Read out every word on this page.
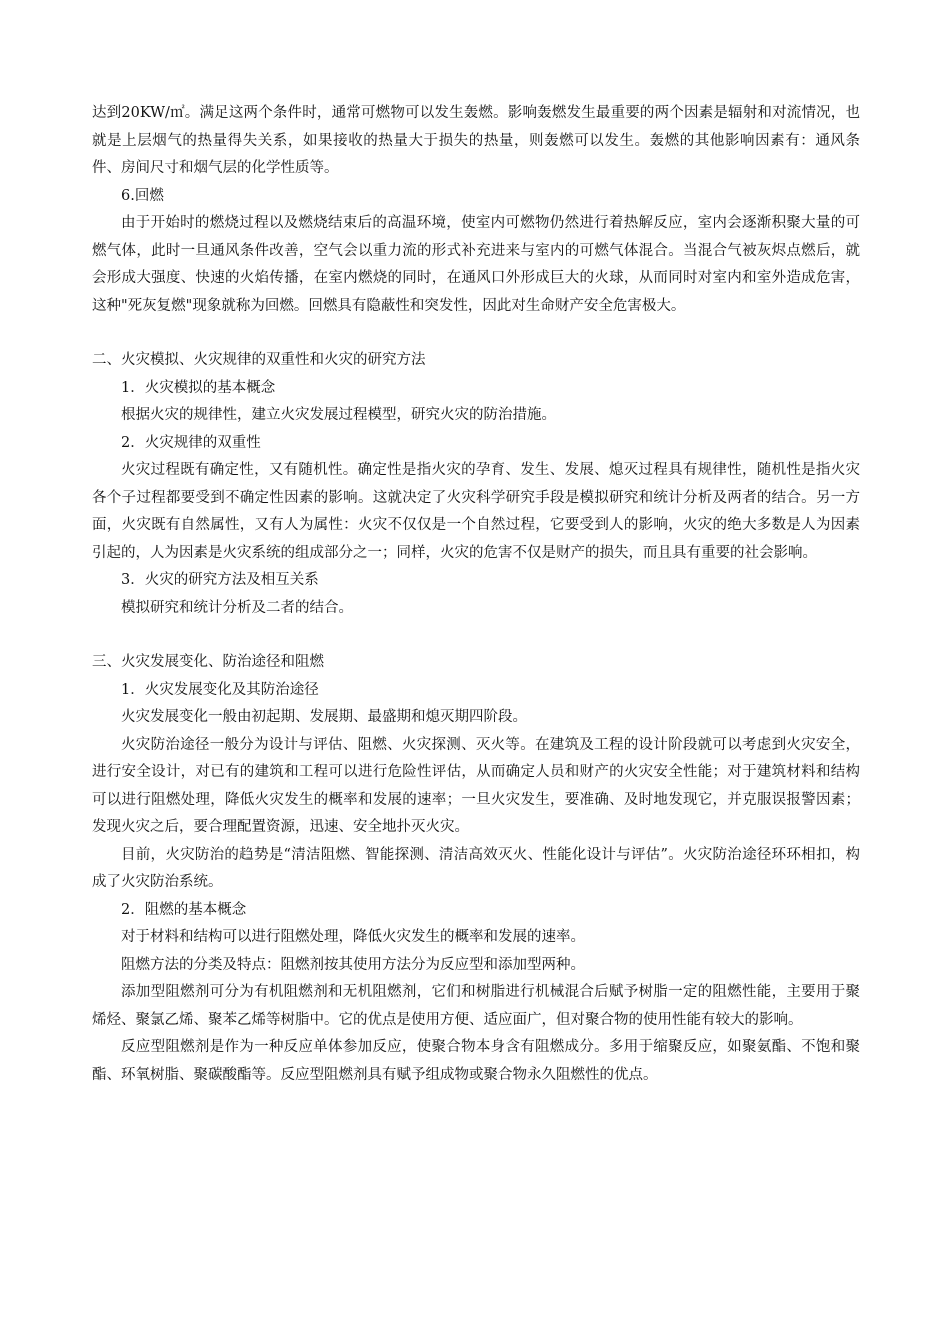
达到20KW/㎡。满足这两个条件时，通常可燃物可以发生轰燃。影响轰燃发生最重要的两个因素是辐射和对流情况，也就是上层烟气的热量得失关系，如果接收的热量大于损失的热量，则轰燃可以发生。轰燃的其他影响因素有：通风条件、房间尺寸和烟气层的化学性质等。

6.回燃

由于开始时的燃烧过程以及燃烧结束后的高温环境，使室内可燃物仍然进行着热解反应，室内会逐渐积聚大量的可燃气体，此时一旦通风条件改善，空气会以重力流的形式补充进来与室内的可燃气体混合。当混合气被灰烬点燃后，就会形成大强度、快速的火焰传播，在室内燃烧的同时，在通风口外形成巨大的火球，从而同时对室内和室外造成危害，这种"死灰复燃"现象就称为回燃。回燃具有隐蔽性和突发性，因此对生命财产安全危害极大。

二、火灾模拟、火灾规律的双重性和火灾的研究方法

1．火灾模拟的基本概念

根据火灾的规律性，建立火灾发展过程模型，研究火灾的防治措施。

2．火灾规律的双重性

火灾过程既有确定性，又有随机性。确定性是指火灾的孕育、发生、发展、熄灭过程具有规律性，随机性是指火灾各个子过程都要受到不确定性因素的影响。这就决定了火灾科学研究手段是模拟研究和统计分析及两者的结合。另一方面，火灾既有自然属性，又有人为属性：火灾不仅仅是一个自然过程，它要受到人的影响，火灾的绝大多数是人为因素引起的，人为因素是火灾系统的组成部分之一；同样，火灾的危害不仅是财产的损失，而且具有重要的社会影响。

3．火灾的研究方法及相互关系

模拟研究和统计分析及二者的结合。

三、火灾发展变化、防治途径和阻燃

1．火灾发展变化及其防治途径

火灾发展变化一般由初起期、发展期、最盛期和熄灭期四阶段。

火灾防治途径一般分为设计与评估、阻燃、火灾探测、灭火等。在建筑及工程的设计阶段就可以考虑到火灾安全，进行安全设计，对已有的建筑和工程可以进行危险性评估，从而确定人员和财产的火灾安全性能；对于建筑材料和结构可以进行阻燃处理，降低火灾发生的概率和发展的速率；一旦火灾发生，要准确、及时地发现它，并克服误报警因素；发现火灾之后，要合理配置资源，迅速、安全地扑灭火灾。

目前，火灾防治的趋势是“清洁阻燃、智能探测、清洁高效灭火、性能化设计与评估”。火灾防治途径环环相扣，构成了火灾防治系统。

2．阻燃的基本概念

对于材料和结构可以进行阻燃处理，降低火灾发生的概率和发展的速率。

阻燃方法的分类及特点：阻燃剂按其使用方法分为反应型和添加型两种。

添加型阻燃剂可分为有机阻燃剂和无机阻燃剂，它们和树脂进行机械混合后赋予树脂一定的阻燃性能，主要用于聚烯烃、聚氯乙烯、聚苯乙烯等树脂中。它的优点是使用方便、适应面广，但对聚合物的使用性能有较大的影响。

反应型阻燃剂是作为一种反应单体参加反应，使聚合物本身含有阻燃成分。多用于缩聚反应，如聚氨酯、不饱和聚酯、环氧树脂、聚碳酸酯等。反应型阻燃剂具有赋予组成物或聚合物永久阻燃性的优点。
